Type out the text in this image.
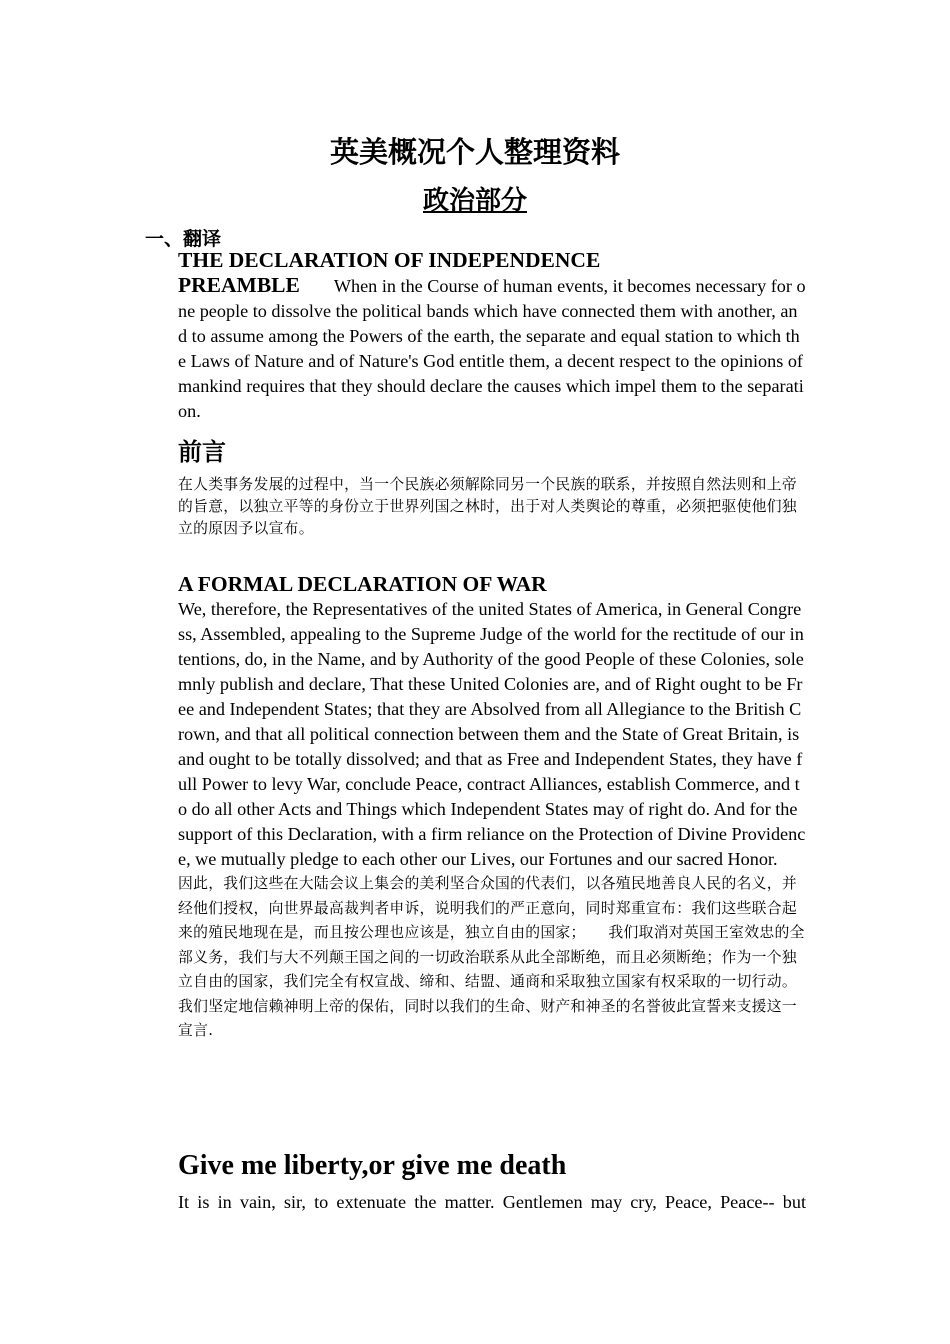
英美概况个人整理资料
政治部分
一、翻译
THE DECLARATION OF INDEPENDENCE

PREAMBLE When in the Course of human events, it becomes necessary for one people to dissolve the political bands which have connected them with another, and to assume among the Powers of the earth, the separate and equal station to which the Laws of Nature and of Nature's God entitle them, a decent respect to the opinions of mankind requires that they should declare the causes which impel them to the separation.

前言

在人类事务发展的过程中，当一个民族必须解除同另一个民族的联系，并按照自然法则和上帝的旨意，以独立平等的身份立于世界列国之林时，出于对人类舆论的尊重，必须把驱使他们独立的原因予以宣布。

A FORMAL DECLARATION OF WAR

We, therefore, the Representatives of the united States of America, in General Congress, Assembled, appealing to the Supreme Judge of the world for the rectitude of our intentions, do, in the Name, and by Authority of the good People of these Colonies, solemnly publish and declare, That these United Colonies are, and of Right ought to be Free and Independent States; that they are Absolved from all Allegiance to the British Crown, and that all political connection between them and the State of Great Britain, is and ought to be totally dissolved; and that as Free and Independent States, they have full Power to levy War, conclude Peace, contract Alliances, establish Commerce, and to do all other Acts and Things which Independent States may of right do. And for the support of this Declaration, with a firm reliance on the Protection of Divine Providence, we mutually pledge to each other our Lives, our Fortunes and our sacred Honor.

因此，我们这些在大陆会议上集会的美利坚合众国的代表们，以各殖民地善良人民的名义，并经他们授权，向世界最高裁判者申诉，说明我们的严正意向，同时郑重宣布：我们这些联合起来的殖民地现在是，而且按公理也应该是，独立自由的国家；　　我们取消对英国王室效忠的全部义务，我们与大不列颠王国之间的一切政治联系从此全部断绝，而且必须断绝；作为一个独立自由的国家，我们完全有权宣战、缔和、结盟、通商和采取独立国家有权采取的一切行动。我们坚定地信赖神明上帝的保佑，同时以我们的生命、财产和神圣的名誉彼此宣誓来支援这一宣言.

Give me liberty,or give me death

It is in vain, sir, to extenuate the matter. Gentlemen may cry, Peace, Peace-- but
